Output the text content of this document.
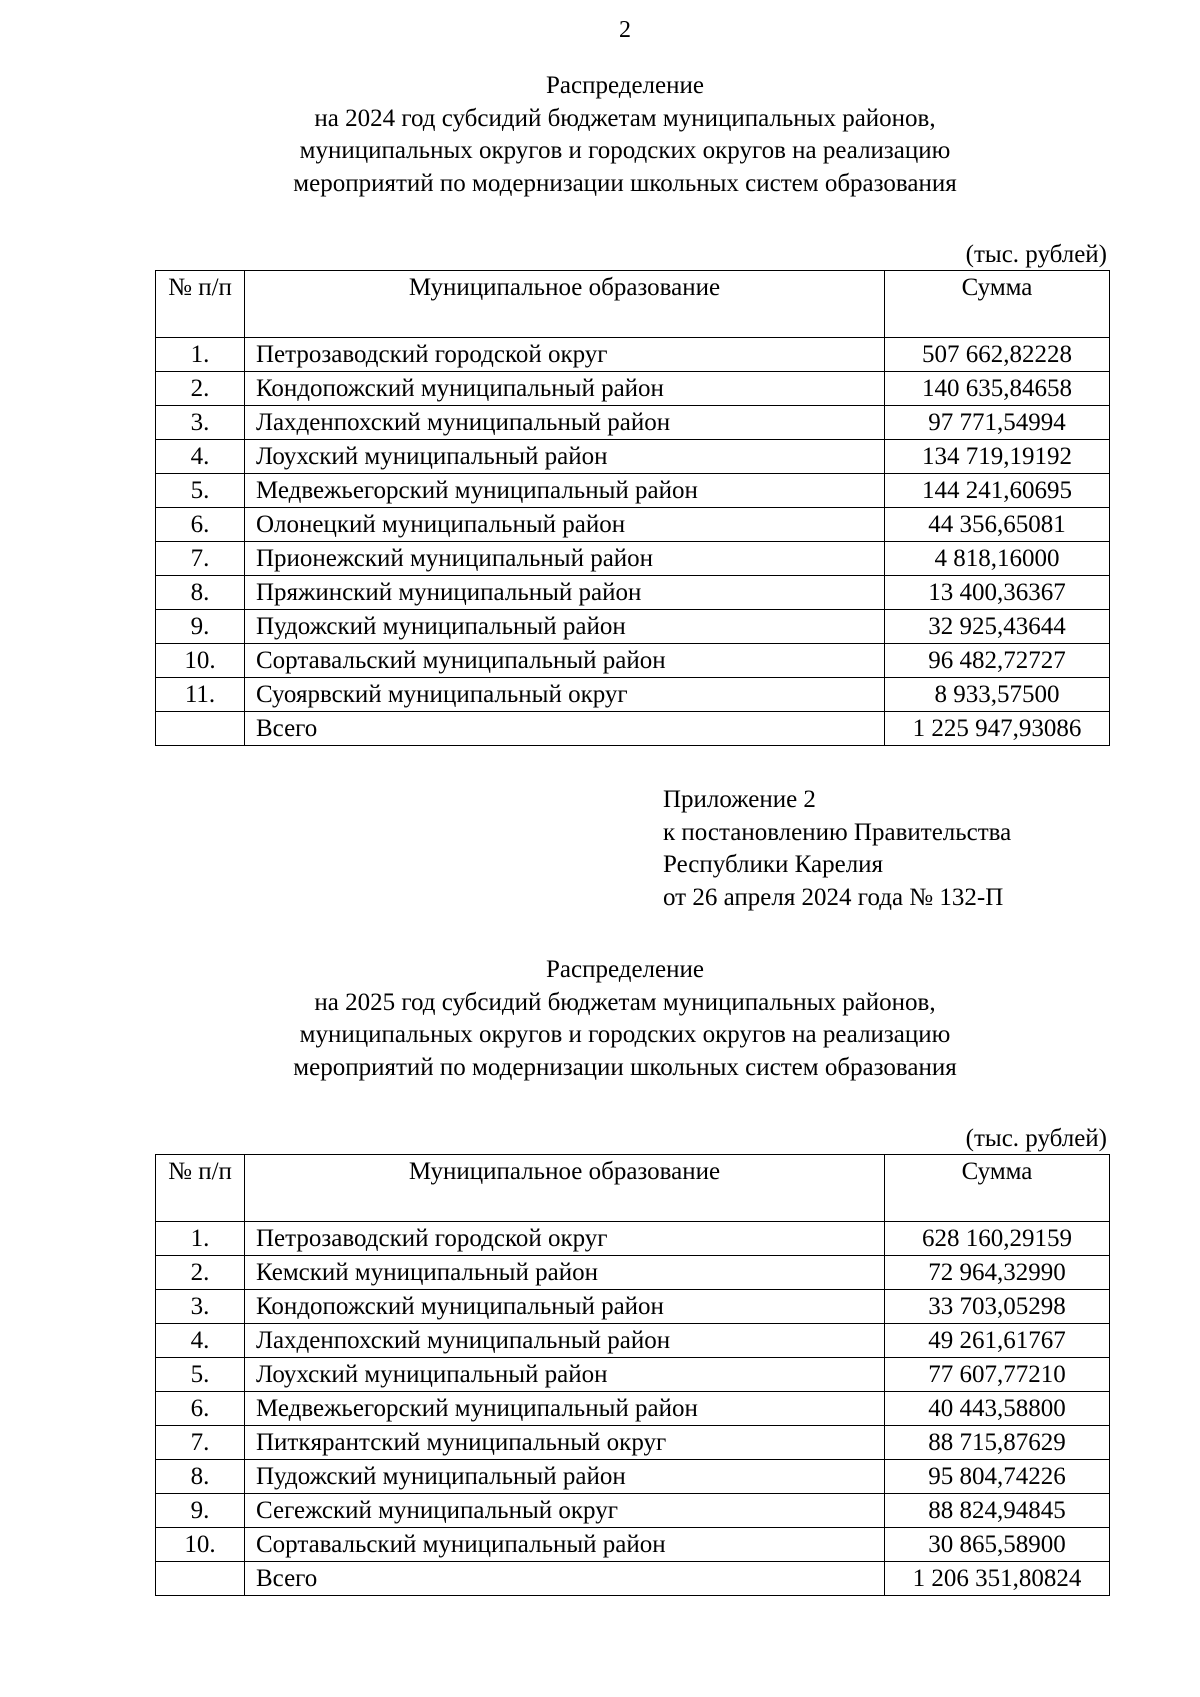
2
Распределение
на 2024 год субсидий бюджетам муниципальных районов,
муниципальных округов и городских округов на реализацию
мероприятий по модернизации школьных систем образования
(тыс. рублей)
№ п/п	Муниципальное образование	Сумма
1.	Петрозаводский городской округ	507 662,82228
2.	Кондопожский муниципальный район	140 635,84658
3.	Лахденпохский муниципальный район	97 771,54994
4.	Лоухский муниципальный район	134 719,19192
5.	Медвежьегорский муниципальный район	144 241,60695
6.	Олонецкий муниципальный район	44 356,65081
7.	Прионежский муниципальный район	4 818,16000
8.	Пряжинский муниципальный район	13 400,36367
9.	Пудожский муниципальный район	32 925,43644
10.	Сортавальский муниципальный район	96 482,72727
11.	Суоярвский муниципальный округ	8 933,57500
	Всего	1 225 947,93086
Приложение 2
к постановлению Правительства
Республики Карелия
от 26 апреля 2024 года № 132-П
Распределение
на 2025 год субсидий бюджетам муниципальных районов,
муниципальных округов и городских округов на реализацию
мероприятий по модернизации школьных систем образования
(тыс. рублей)
№ п/п	Муниципальное образование	Сумма
1.	Петрозаводский городской округ	628 160,29159
2.	Кемский муниципальный район	72 964,32990
3.	Кондопожский муниципальный район	33 703,05298
4.	Лахденпохский муниципальный район	49 261,61767
5.	Лоухский муниципальный район	77 607,77210
6.	Медвежьегорский муниципальный район	40 443,58800
7.	Питкярантский муниципальный округ	88 715,87629
8.	Пудожский муниципальный район	95 804,74226
9.	Сегежский муниципальный округ	88 824,94845
10.	Сортавальский муниципальный район	30 865,58900
	Всего	1 206 351,80824
